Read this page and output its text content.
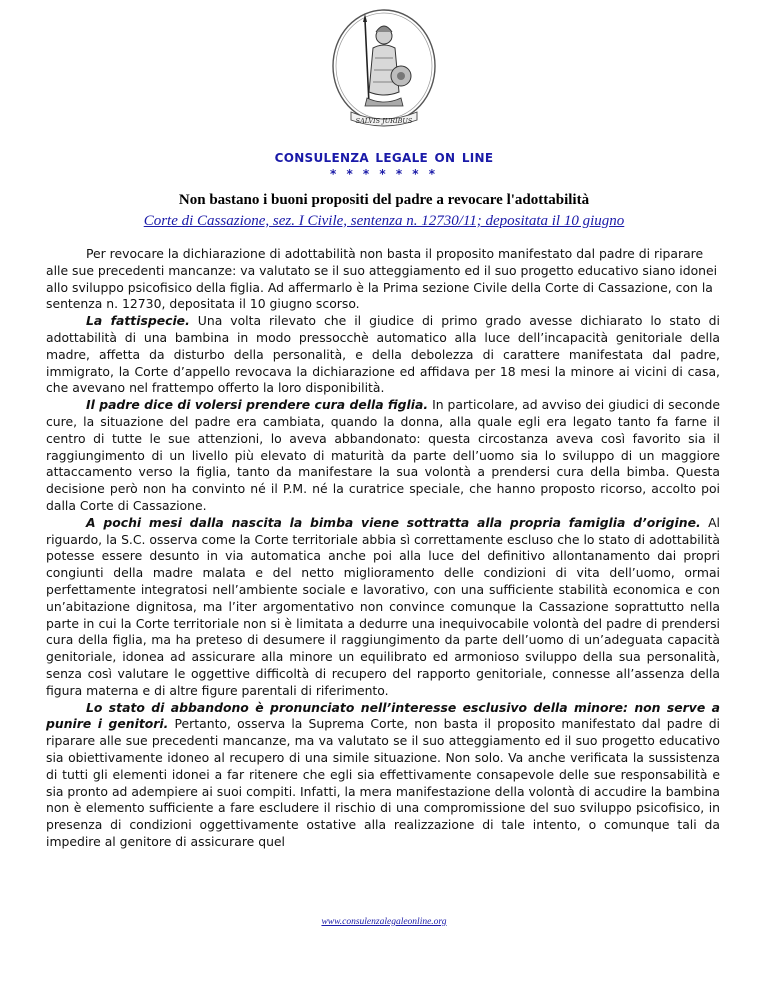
SALVIS JURIBUS
CONSULENZA LEGALE ON LINE
* * * * * * *
Non bastano i buoni propositi del padre a revocare l'adottabilità
Corte di Cassazione, sez. I Civile, sentenza n. 12730/11; depositata il 10 giugno

Per revocare la dichiarazione di adottabilità non basta il proposito manifestato dal padre di riparare alle sue precedenti mancanze: va valutato se il suo atteggiamento ed il suo progetto educativo siano idonei allo sviluppo psicofisico della figlia. Ad affermarlo è la Prima sezione Civile della Corte di Cassazione, con la sentenza n. 12730, depositata il 10 giugno scorso.

La fattispecie. Una volta rilevato che il giudice di primo grado avesse dichiarato lo stato di adottabilità di una bambina in modo pressocchè automatico alla luce dell’incapacità genitoriale della madre, affetta da disturbo della personalità, e della debolezza di carattere manifestata dal padre, immigrato, la Corte d’appello revocava la dichiarazione ed affidava per 18 mesi la minore ai vicini di casa, che avevano nel frattempo offerto la loro disponibilità.

Il padre dice di volersi prendere cura della figlia. In particolare, ad avviso dei giudici di seconde cure, la situazione del padre era cambiata, quando la donna, alla quale egli era legato tanto fa farne il centro di tutte le sue attenzioni, lo aveva abbandonato: questa circostanza aveva così favorito sia il raggiungimento di un livello più elevato di maturità da parte dell’uomo sia lo sviluppo di un maggiore attaccamento verso la figlia, tanto da manifestare la sua volontà a prendersi cura della bimba. Questa decisione però non ha convinto né il P.M. né la curatrice speciale, che hanno proposto ricorso, accolto poi dalla Corte di Cassazione.

A pochi mesi dalla nascita la bimba viene sottratta alla propria famiglia d’origine. Al riguardo, la S.C. osserva come la Corte territoriale abbia sì correttamente escluso che lo stato di adottabilità potesse essere desunto in via automatica anche poi alla luce del definitivo allontanamento dai propri congiunti della madre malata e del netto miglioramento delle condizioni di vita dell’uomo, ormai perfettamente integratosi nell’ambiente sociale e lavorativo, con una sufficiente stabilità economica e con un’abitazione dignitosa, ma l’iter argomentativo non convince comunque la Cassazione soprattutto nella parte in cui la Corte territoriale non si è limitata a dedurre una inequivocabile volontà del padre di prendersi cura della figlia, ma ha preteso di desumere il raggiungimento da parte dell’uomo di un’adeguata capacità genitoriale, idonea ad assicurare alla minore un equilibrato ed armonioso sviluppo della sua personalità, senza così valutare le oggettive difficoltà di recupero del rapporto genitoriale, connesse all’assenza della figura materna e di altre figure parentali di riferimento.

Lo stato di abbandono è pronunciato nell’interesse esclusivo della minore: non serve a punire i genitori. Pertanto, osserva la Suprema Corte, non basta il proposito manifestato dal padre di riparare alle sue precedenti mancanze, ma va valutato se il suo atteggiamento ed il suo progetto educativo sia obiettivamente idoneo al recupero di una simile situazione. Non solo. Va anche verificata la sussistenza di tutti gli elementi idonei a far ritenere che egli sia effettivamente consapevole delle sue responsabilità e sia pronto ad adempiere ai suoi compiti. Infatti, la mera manifestazione della volontà di accudire la bambina non è elemento sufficiente a fare escludere il rischio di una compromissione del suo sviluppo psicofisico, in presenza di condizioni oggettivamente ostative alla realizzazione di tale intento, o comunque tali da impedire al genitore di assicurare quel

www.consulenzalegaleonline.org
